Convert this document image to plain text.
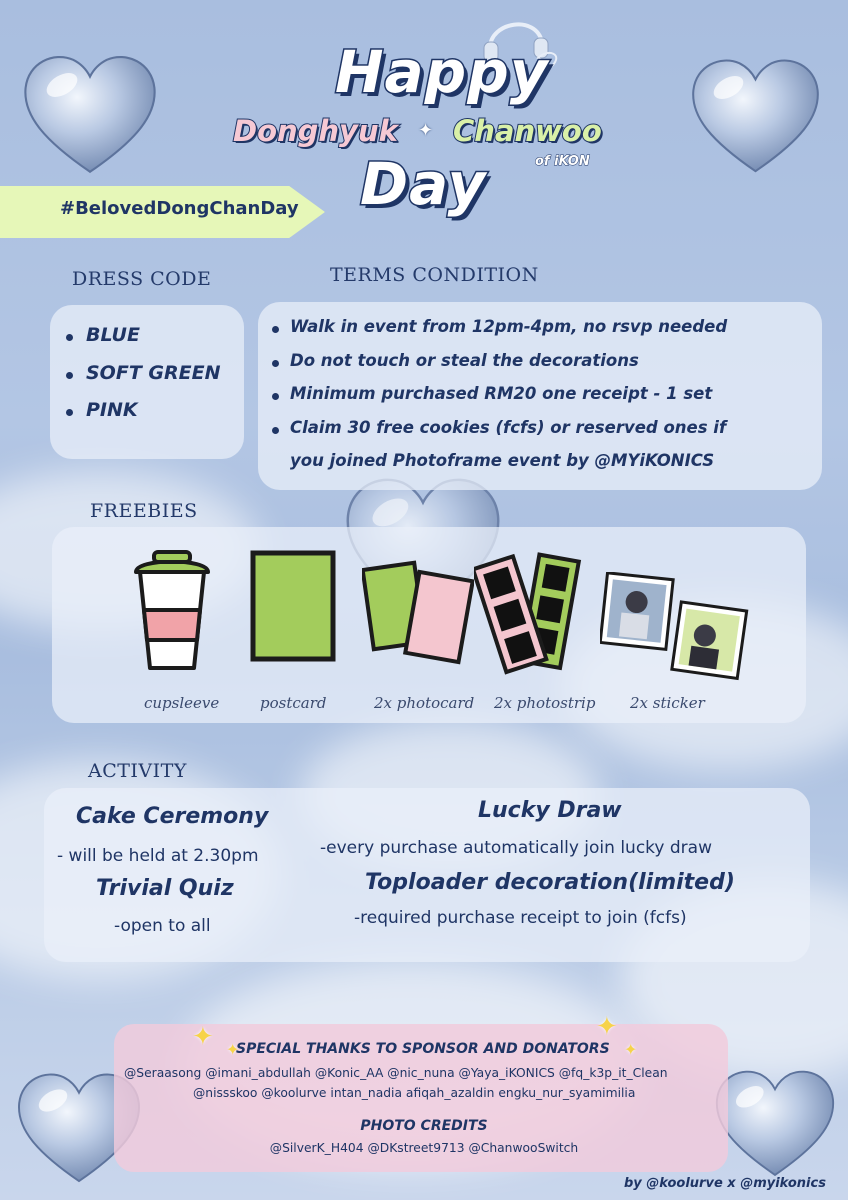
Happy
Donghyuk ✦ Chanwoo
of iKON
Day
#BelovedDongChanDay
DRESS CODE
BLUE
SOFT GREEN
PINK
TERMS CONDITION
Walk in event from 12pm-4pm, no rsvp needed
Do not touch or steal the decorations
Minimum purchased RM20 one receipt - 1 set
Claim 30 free cookies (fcfs) or reserved ones if
you joined Photoframe event by @MYiKONICS
FREEBIES
cupsleeve	postcard	2x photocard 2x photostrip 2x sticker
ACTIVITY
Cake Ceremony
- will be held at 2.30pm
Trivial Quiz
-open to all
Lucky Draw
-every purchase automatically join lucky draw
Toploader decoration(limited)
-required purchase receipt to join (fcfs)
✦ ✦
✦
✦
SPECIAL THANKS TO SPONSOR AND DONATORS
@Seraasong @imani_abdullah @Konic_AA @nic_nuna @Yaya_iKONICS @fq_k3p_it_Clean
@nissskoo @koolurve intan_nadia afiqah_azaldin engku_nur_syamimilia
PHOTO CREDITS
@SilverK_H404 @DKstreet9713 @ChanwooSwitch
by @koolurve x @myikonics
